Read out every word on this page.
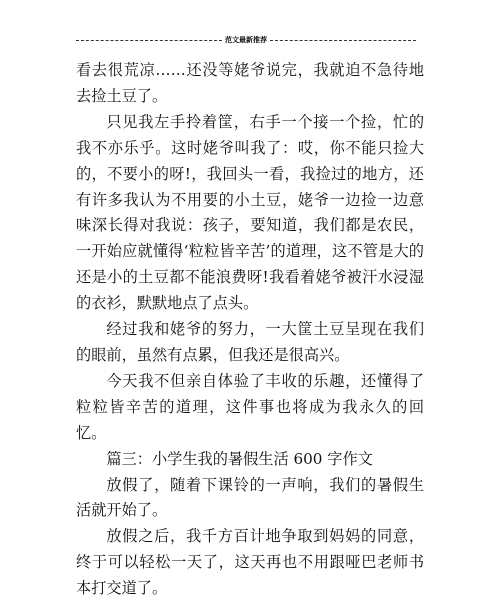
范文最新推荐

看去很荒凉……还没等姥爷说完，我就迫不急待地去捡土豆了。

只见我左手拎着筐，右手一个接一个捡，忙的我不亦乐乎。这时姥爷叫我了：哎，你不能只捡大的，不要小的呀!，我回头一看，我捡过的地方，还有许多我认为不用要的小土豆，姥爷一边捡一边意味深长得对我说：孩子，要知道，我们都是农民，一开始应就懂得‘粒粒皆辛苦’的道理，这不管是大的还是小的土豆都不能浪费呀!我看着姥爷被汗水浸湿的衣衫，默默地点了点头。

经过我和姥爷的努力，一大筐土豆呈现在我们的眼前，虽然有点累，但我还是很高兴。

今天我不但亲自体验了丰收的乐趣，还懂得了粒粒皆辛苦的道理，这件事也将成为我永久的回忆。

篇三：小学生我的暑假生活 600 字作文

放假了，随着下课铃的一声响，我们的暑假生活就开始了。

放假之后，我千方百计地争取到妈妈的同意，终于可以轻松一天了，这天再也不用跟哑巴老师书本打交道了。
